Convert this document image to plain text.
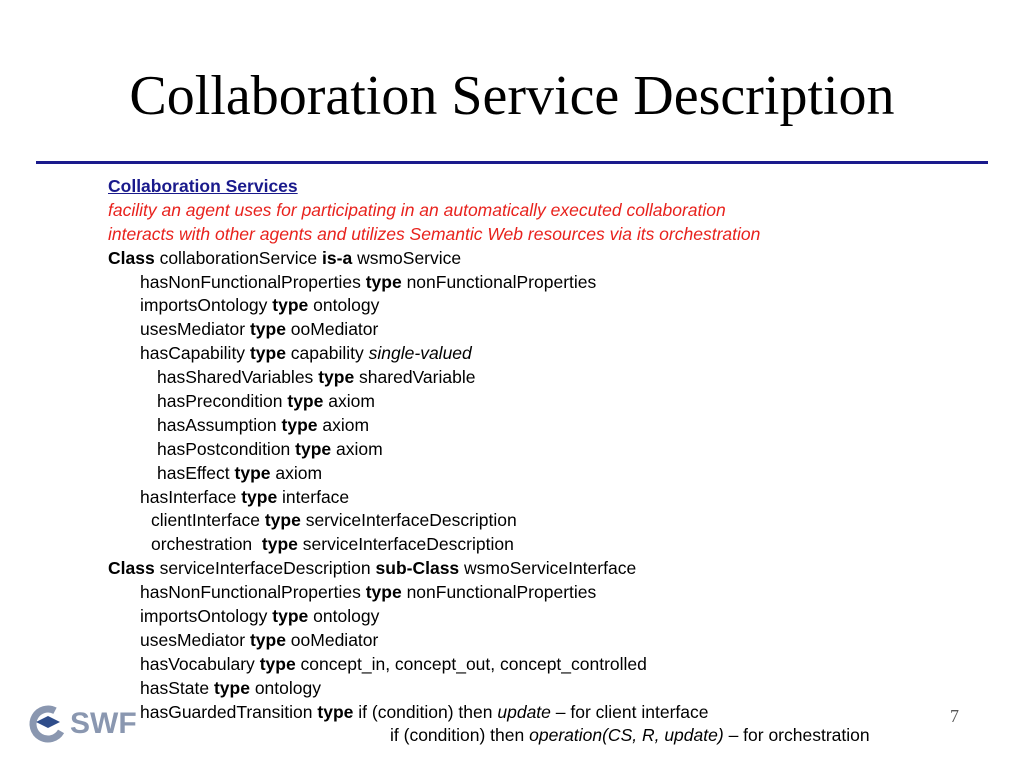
Collaboration Service Description
Collaboration Services
facility an agent uses for participating in an automatically executed collaboration
interacts with other agents and utilizes Semantic Web resources via its orchestration
Class collaborationService is-a wsmoService
hasNonFunctionalProperties type nonFunctionalProperties
importsOntology type ontology
usesMediator type ooMediator
hasCapability type capability single-valued
hasSharedVariables type sharedVariable
hasPrecondition type axiom
hasAssumption type axiom
hasPostcondition type axiom
hasEffect type axiom
hasInterface type interface
clientInterface type serviceInterfaceDescription
orchestration  type serviceInterfaceDescription
Class serviceInterfaceDescription sub-Class wsmoServiceInterface
hasNonFunctionalProperties type nonFunctionalProperties
importsOntology type ontology
usesMediator type ooMediator
hasVocabulary type concept_in, concept_out, concept_controlled
hasState type ontology
hasGuardedTransition type if (condition) then update – for client interface
if (condition) then operation(CS, R, update) – for orchestration
SWF	7
